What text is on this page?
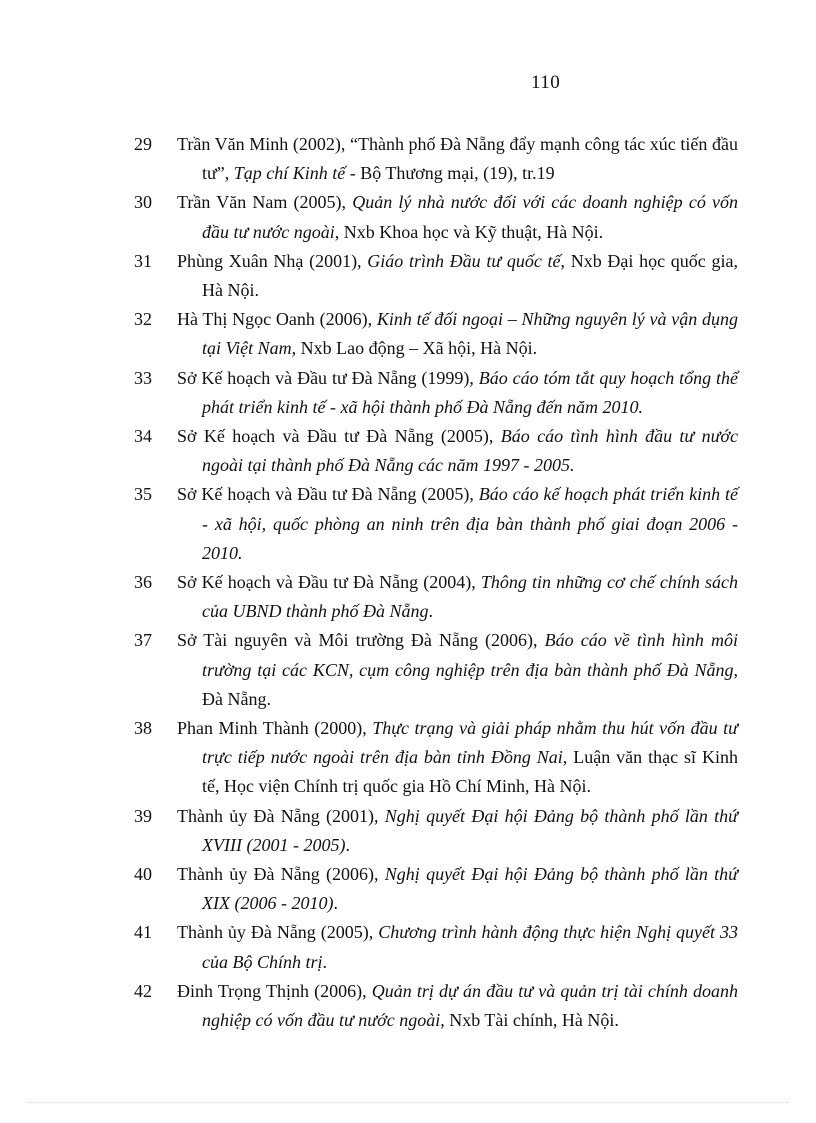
110
29	Trần Văn Minh (2002), “Thành phố Đà Nẵng đẩy mạnh công tác xúc tiến đầu tư”, Tạp chí Kinh tế - Bộ Thương mại, (19), tr.19
30	Trần Văn Nam (2005), Quản lý nhà nước đối với các doanh nghiệp có vốn đầu tư nước ngoài, Nxb Khoa học và Kỹ thuật, Hà Nội.
31	Phùng Xuân Nhạ (2001), Giáo trình Đầu tư quốc tế, Nxb Đại học quốc gia, Hà Nội.
32	Hà Thị Ngọc Oanh (2006), Kinh tế đối ngoại – Những nguyên lý và vận dụng tại Việt Nam, Nxb Lao động – Xã hội, Hà Nội.
33	Sở Kế hoạch và Đầu tư Đà Nẵng (1999), Báo cáo tóm tắt quy hoạch tổng thể phát triển kinh tế - xã hội thành phố Đà Nẵng đến năm 2010.
34	Sở Kế hoạch và Đầu tư Đà Nẵng (2005), Báo cáo tình hình đầu tư nước ngoài tại thành phố Đà Nẵng các năm 1997 - 2005.
35	Sở Kế hoạch và Đầu tư Đà Nẵng (2005), Báo cáo kế hoạch phát triển kinh tế - xã hội, quốc phòng an ninh trên địa bàn thành phố giai đoạn 2006 - 2010.
36	Sở Kế hoạch và Đầu tư Đà Nẵng (2004), Thông tin những cơ chế chính sách của UBND thành phố Đà Nẵng.
37	Sở Tài nguyên và Môi trường Đà Nẵng (2006), Báo cáo về tình hình môi trường tại các KCN, cụm công nghiệp trên địa bàn thành phố Đà Nẵng, Đà Nẵng.
38	Phan Minh Thành (2000), Thực trạng và giải pháp nhằm thu hút vốn đầu tư trực tiếp nước ngoài trên địa bàn tỉnh Đồng Nai, Luận văn thạc sĩ Kinh tế, Học viện Chính trị quốc gia Hồ Chí Minh, Hà Nội.
39	Thành ủy Đà Nẵng (2001), Nghị quyết Đại hội Đảng bộ thành phố lần thứ XVIII (2001 - 2005).
40	Thành ủy Đà Nẵng (2006), Nghị quyết Đại hội Đảng bộ thành phố lần thứ XIX (2006 - 2010).
41	Thành ủy Đà Nẵng (2005), Chương trình hành động thực hiện Nghị quyết 33 của Bộ Chính trị.
42	Đinh Trọng Thịnh (2006), Quản trị dự án đầu tư và quản trị tài chính doanh nghiệp có vốn đầu tư nước ngoài, Nxb Tài chính, Hà Nội.
